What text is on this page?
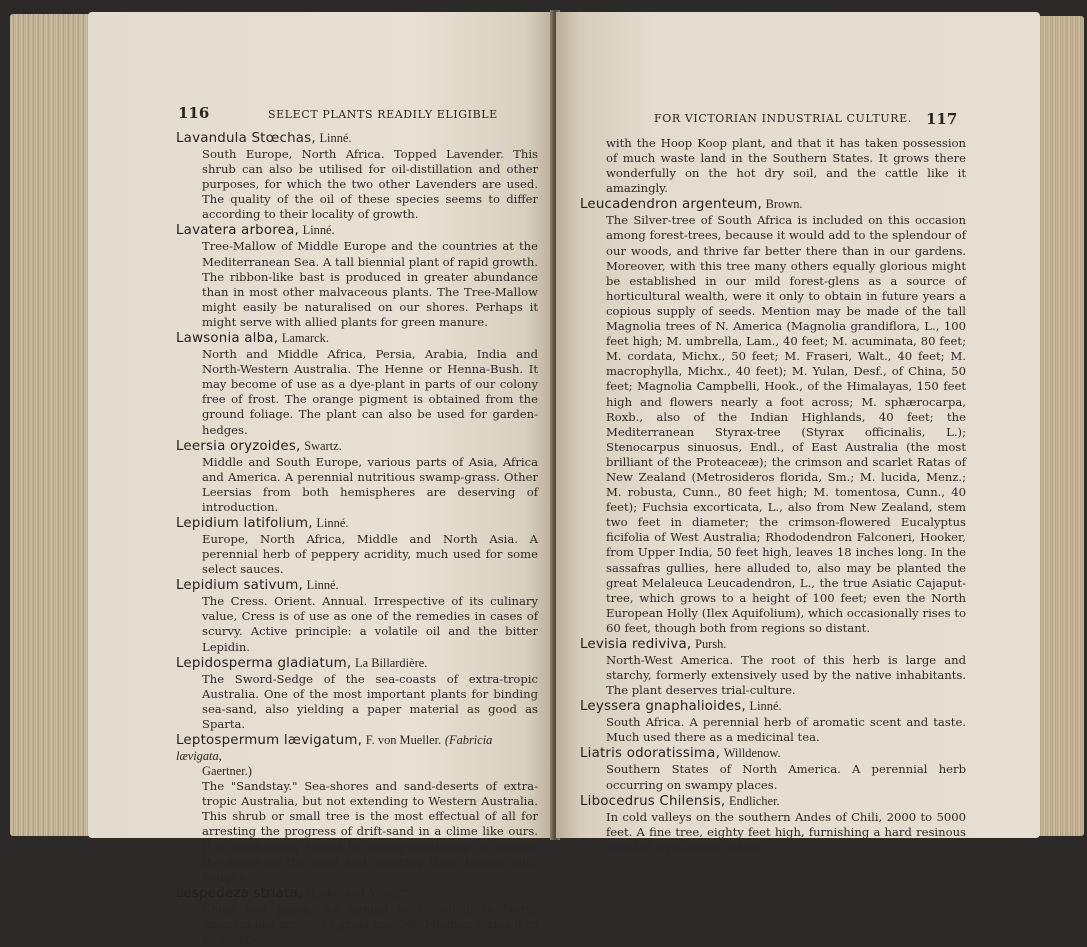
116	SELECT PLANTS READILY ELIGIBLE
Lavandula Stœchas, Linné.
South Europe, North Africa. Topped Lavender. This shrub can also be utilised for oil-distillation and other purposes, for which the two other Lavenders are used. The quality of the oil of these species seems to differ according to their locality of growth.
Lavatera arborea, Linné.
Tree-Mallow of Middle Europe and the countries at the Mediterranean Sea. A tall biennial plant of rapid growth. The ribbon-like bast is produced in greater abundance than in most other malvaceous plants. The Tree-Mallow might easily be naturalised on our shores. Perhaps it might serve with allied plants for green manure.
Lawsonia alba, Lamarck.
North and Middle Africa, Persia, Arabia, India and North-Western Australia. The Henne or Henna-Bush. It may become of use as a dye-plant in parts of our colony free of frost. The orange pigment is obtained from the ground foliage. The plant can also be used for garden-hedges.
Leersia oryzoides, Swartz.
Middle and South Europe, various parts of Asia, Africa and America. A perennial nutritious swamp-grass. Other Leersias from both hemispheres are deserving of introduction.
Lepidium latifolium, Linné.
Europe, North Africa, Middle and North Asia. A perennial herb of peppery acridity, much used for some select sauces.
Lepidium sativum, Linné.
The Cress. Orient. Annual. Irrespective of its culinary value, Cress is of use as one of the remedies in cases of scurvy. Active principle: a volatile oil and the bitter Lepidin.
Lepidosperma gladiatum, La Billardière.
The Sword-Sedge of the sea-coasts of extra-tropic Australia. One of the most important plants for binding sea-sand, also yielding a paper material as good as Sparta.
Leptospermum lævigatum, F. von Mueller. (Fabricia lævigata,
Gaertner.)
The "Sandstay." Sea-shores and sand-deserts of extra-tropic Australia, but not extending to Western Australia. This shrub or small tree is the most effectual of all for arresting the progress of drift-sand in a clime like ours. It is most easily raised by simply scattering in autumn the seeds on the sand and covering them loosely with boughs.
Lespedeza striata, Hooker and Arnott.*
China and Japan. An annual herb, which in North America has proved of great use. Mr. Meehan states it to be identical
FOR VICTORIAN INDUSTRIAL CULTURE. 117
with the Hoop Koop plant, and that it has taken possession of much waste land in the Southern States. It grows there wonderfully on the hot dry soil, and the cattle like it amazingly.
Leucadendron argenteum, Brown.
The Silver-tree of South Africa is included on this occasion among forest-trees, because it would add to the splendour of our woods, and thrive far better there than in our gardens. Moreover, with this tree many others equally glorious might be established in our mild forest-glens as a source of horticultural wealth, were it only to obtain in future years a copious supply of seeds. Mention may be made of the tall Magnolia trees of N. America (Magnolia grandiflora, L., 100 feet high; M. umbrella, Lam., 40 feet; M. acuminata, 80 feet; M. cordata, Michx., 50 feet; M. Fraseri, Walt., 40 feet; M. macrophylla, Michx., 40 feet); M. Yulan, Desf., of China, 50 feet; Magnolia Campbelli, Hook., of the Himalayas, 150 feet high and flowers nearly a foot across; M. sphærocarpa, Roxb., also of the Indian Highlands, 40 feet; the Mediterranean Styrax-tree (Styrax officinalis, L.); Stenocarpus sinuosus, Endl., of East Australia (the most brilliant of the Proteaceæ); the crimson and scarlet Ratas of New Zealand (Metrosideros florida, Sm.; M. lucida, Menz.; M. robusta, Cunn., 80 feet high; M. tomentosa, Cunn., 40 feet); Fuchsia excorticata, L., also from New Zealand, stem two feet in diameter; the crimson-flowered Eucalyptus ficifolia of West Australia; Rhododendron Falconeri, Hooker, from Upper India, 50 feet high, leaves 18 inches long. In the sassafras gullies, here alluded to, also may be planted the great Melaleuca Leucadendron, L., the true Asiatic Cajaput-tree, which grows to a height of 100 feet; even the North European Holly (Ilex Aquifolium), which occasionally rises to 60 feet, though both from regions so distant.
Levisia rediviva, Pursh.
North-West America. The root of this herb is large and starchy, formerly extensively used by the native inhabitants. The plant deserves trial-culture.
Leyssera gnaphalioides, Linné.
South Africa. A perennial herb of aromatic scent and taste. Much used there as a medicinal tea.
Liatris odoratissima, Willdenow.
Southern States of North America. A perennial herb occurring on swampy places.
Libocedrus Chilensis, Endlicher.
In cold valleys on the southern Andes of Chili, 2000 to 5000 feet. A fine tree, eighty feet high, furnishing a hard resinous wood of a yellowish colour.
